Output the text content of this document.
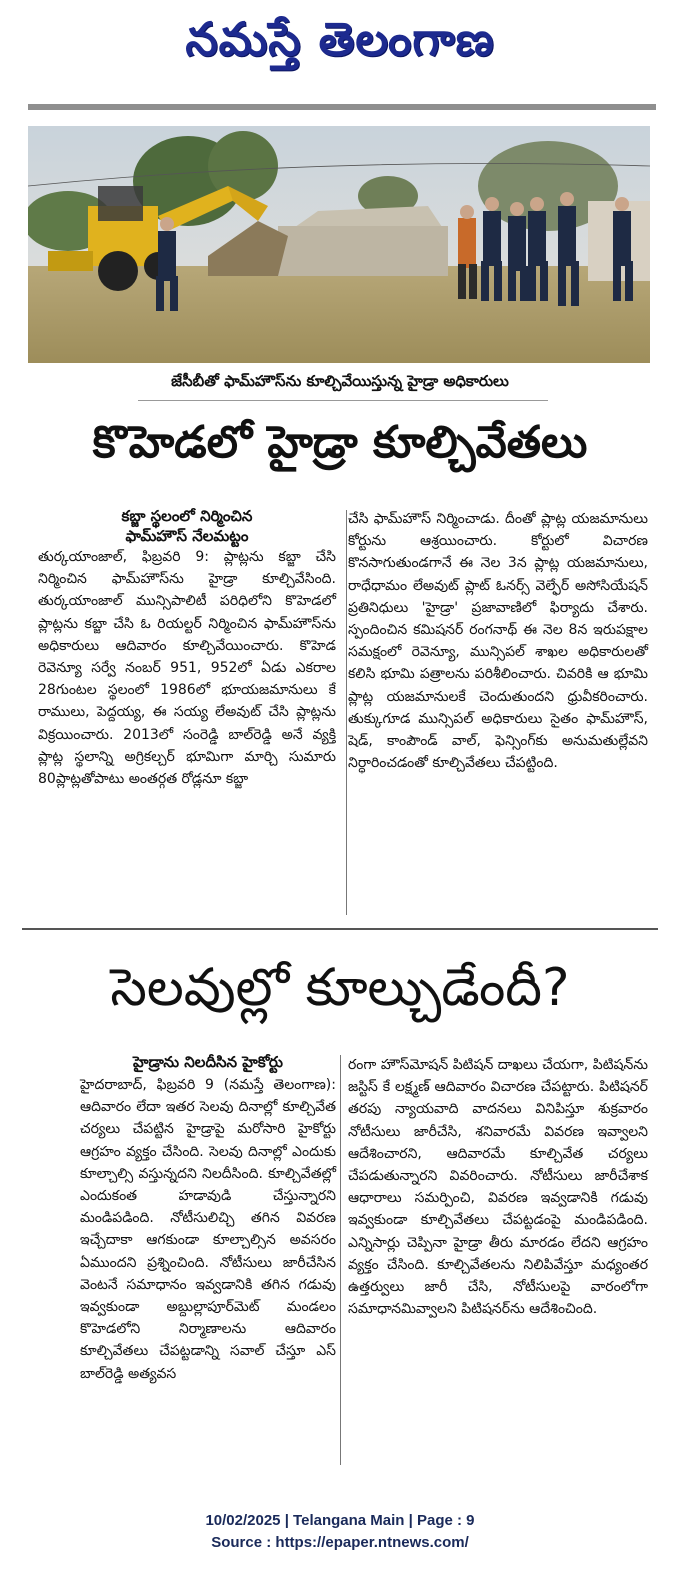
నమస్తే తెలంగాణ
జేసీబీతో ఫామ్‌హౌస్‌ను కూల్చివేయిస్తున్న హైడ్రా అధికారులు
కొహెడలో హైడ్రా కూల్చివేతలు
కబ్జా స్థలంలో నిర్మించిన
ఫామ్‌హౌస్ నేలమట్టం

తుర్కయాంజాల్, ఫిబ్రవరి 9: ప్లాట్లను కబ్జా చేసి నిర్మించిన ఫామ్‌హౌస్‌ను హైడ్రా కూల్చివేసింది. తుర్కయాంజాల్ మున్సిపాలిటీ పరిధిలోని కొహెడలో ప్లాట్లను కబ్జా చేసి ఓ రియల్టర్ నిర్మించిన ఫామ్‌హౌస్‌ను అధికారులు ఆదివారం కూల్చివేయించారు. కొహెడ రెవెన్యూ సర్వే నంబర్ 951, 952లో ఏడు ఎకరాల 28గుంటల స్థలంలో 1986లో భూయజమానులు కే రాములు, పెద్దయ్య, ఈ సయ్య లేఅవుట్ చేసి ప్లాట్లను విక్రయించారు. 2013లో సంరెడ్డి బాల్‌రెడ్డి అనే వ్యక్తి ప్లాట్ల స్థలాన్ని అగ్రికల్చర్ భూమిగా మార్చి సుమారు 80ప్లాట్లతోపాటు అంతర్గత రోడ్లనూ కబ్జా

చేసి ఫామ్‌హౌస్ నిర్మించాడు. దీంతో ప్లాట్ల యజమానులు కోర్టును ఆశ్రయించారు. కోర్టులో విచారణ కొనసాగుతుండగానే ఈ నెల 3న ప్లాట్ల యజమానులు, రాధేధామం లేఅవుట్ ప్లాట్ ఓనర్స్ వెల్ఫేర్ అసోసియేషన్ ప్రతినిధులు 'హైడ్రా' ప్రజావాణిలో ఫిర్యాదు చేశారు. స్పందించిన కమిషనర్ రంగనాథ్ ఈ నెల 8న ఇరుపక్షాల సమక్షంలో రెవెన్యూ, మున్సిపల్ శాఖల అధికారులతో కలిసి భూమి పత్రాలను పరిశీలించారు. చివరికి ఆ భూమి ప్లాట్ల యజమానులకే చెందుతుందని ధ్రువీకరించారు. తుక్కుగూడ మున్సిపల్ అధికారులు సైతం ఫామ్‌హౌస్, షెడ్, కాంపౌండ్ వాల్, ఫెన్సింగ్‌కు అనుమతుల్లేవని నిర్ధారించడంతో కూల్చివేతలు చేపట్టింది.

సెలవుల్లో కూల్చుడేందీ?
హైడ్రాను నిలదీసిన హైకోర్టు

హైదరాబాద్, ఫిబ్రవరి 9 (నమస్తే తెలంగాణ): ఆదివారం లేదా ఇతర సెలవు దినాల్లో కూల్చివేత చర్యలు చేపట్టిన హైడ్రాపై మరోసారి హైకోర్టు ఆగ్రహం వ్యక్తం చేసింది. సెలవు దినాల్లో ఎందుకు కూల్చాల్సి వస్తున్నదని నిలదీసింది. కూల్చివేతల్లో ఎందుకంత హడావుడి చేస్తున్నారని మండిపడింది. నోటీసులిచ్చి తగిన వివరణ ఇచ్చేదాకా ఆగకుండా కూల్చాల్సిన అవసరం ఏముందని ప్రశ్నించింది. నోటీసులు జారీచేసిన వెంటనే సమాధానం ఇవ్వడానికి తగిన గడువు ఇవ్వకుండా అబ్దుల్లాపూర్‌మెట్ మండలం కొహెడలోని నిర్మాణాలను ఆదివారం కూల్చివేతలు చేపట్టడాన్ని సవాల్ చేస్తూ ఎస్ బాల్‌రెడ్డి అత్యవస

రంగా హౌస్‌మోషన్ పిటిషన్ దాఖలు చేయగా, పిటిషన్‌ను జస్టిస్ కే లక్ష్మణ్ ఆదివారం విచారణ చేపట్టారు. పిటిషనర్ తరపు న్యాయవాది వాదనలు వినిపిస్తూ శుక్రవారం నోటీసులు జారీచేసి, శనివారమే వివరణ ఇవ్వాలని ఆదేశించారని, ఆదివారమే కూల్చివేత చర్యలు చేపడుతున్నారని వివరించారు. నోటీసులు జారీచేశాక ఆధారాలు సమర్పించి, వివరణ ఇవ్వడానికి గడువు ఇవ్వకుండా కూల్చివేతలు చేపట్టడంపై మండిపడింది. ఎన్నిసార్లు చెప్పినా హైడ్రా తీరు మారడం లేదని ఆగ్రహం వ్యక్తం చేసింది. కూల్చివేతలను నిలిపివేస్తూ మధ్యంతర ఉత్తర్వులు జారీ చేసి, నోటీసులపై వారంలోగా సమాధానమివ్వాలని పిటిషనర్‌ను ఆదేశించింది.

10/02/2025 | Telangana Main | Page : 9
Source : https://epaper.ntnews.com/
